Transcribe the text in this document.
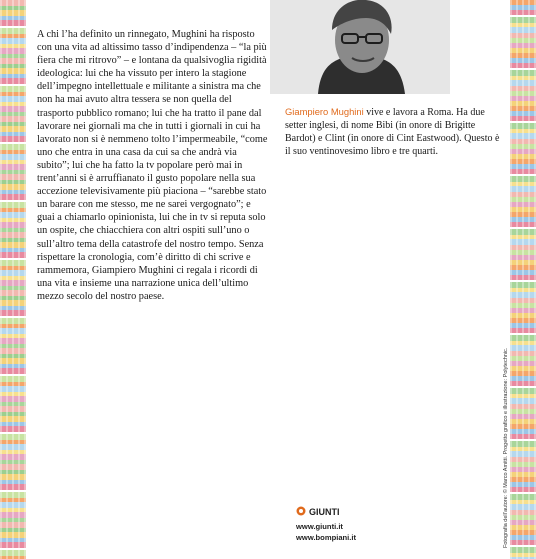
A chi l’ha definito un rinnegato, Mughini ha risposto con una vita ad altissimo tasso d’indipendenza – “la più fiera che mi ritrovo” – e lontana da qualsivoglia rigidità ideologica: lui che ha vissuto per intero la stagione dell’impegno intellettuale e militante a sinistra ma che non ha mai avuto altra tessera se non quella del trasporto pubblico romano; lui che ha tratto il pane dal lavorare nei giornali ma che in tutti i giornali in cui ha lavorato non si è nemmeno tolto l’impermeabile, “come uno che entra in una casa da cui sa che andrà via subito”; lui che ha fatto la tv popolare però mai in trent’anni si è arruffianato il gusto popolare nella sua accezione televisivamente più piaciona – “sarebbe stato un barare con me stesso, me ne sarei vergognato”; e guai a chiamarlo opinionista, lui che in tv si reputa solo un ospite, che chiacchiera con altri ospiti sull’uno o sull’altro tema della catastrofe del nostro tempo. Senza rispettare la cronologia, com’è diritto di chi scrive e rammemora, Giampiero Mughini ci regala i ricordi di una vita e insieme una narrazione unica dell’ultimo mezzo secolo del nostro paese.

Giampiero Mughini vive e lavora a Roma. Ha due setter inglesi, di nome Bibi (in onore di Brigitte Bardot) e Clint (in onore di Cint Eastwood). Questo è il suo ventinovesimo libro e tre quarti.

GIUNTI
www.giunti.it
www.bompiani.it	Fotografia dell’autore: © Marco Amitti. Progetto grafico e illustrazione: Polytechnic.
